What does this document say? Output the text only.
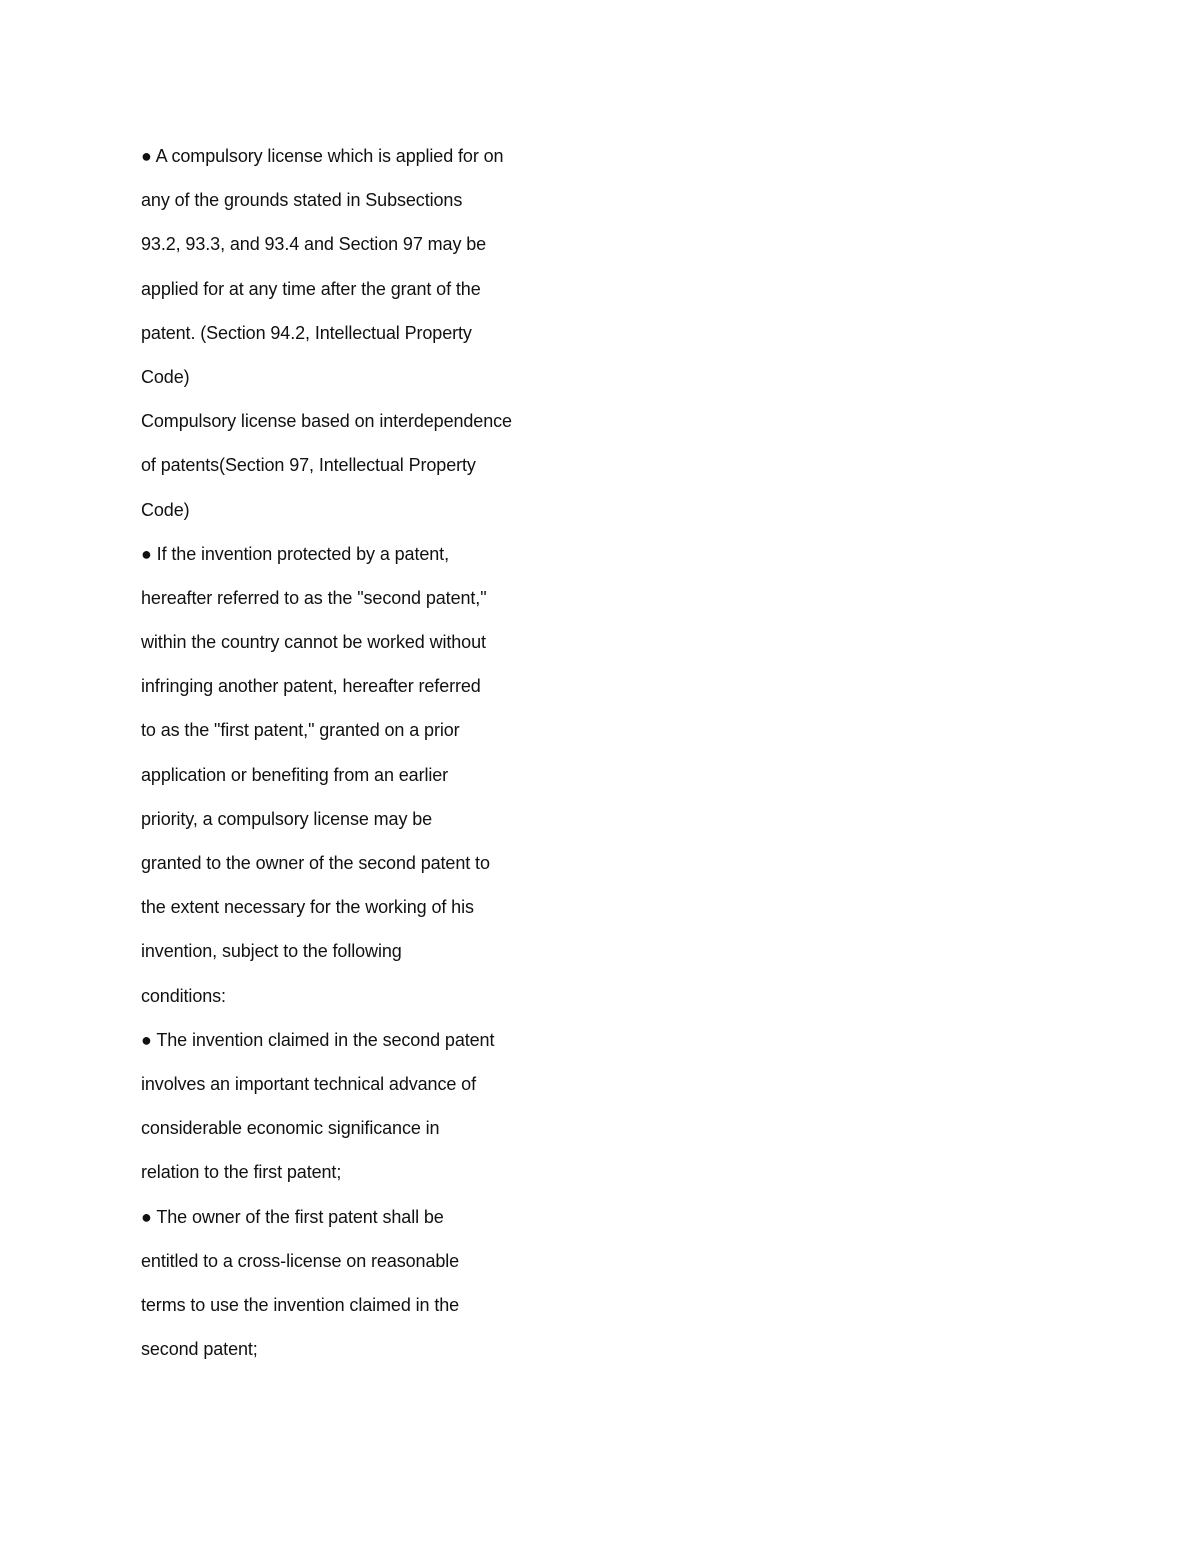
● A compulsory license which is applied for on
any of the grounds stated in Subsections
93.2, 93.3, and 93.4 and Section 97 may be
applied for at any time after the grant of the
patent. (Section 94.2, Intellectual Property
Code)
Compulsory license based on interdependence
of patents(Section 97, Intellectual Property
Code)
● If the invention protected by a patent,
hereafter referred to as the "second patent,"
within the country cannot be worked without
infringing another patent, hereafter referred
to as the "first patent," granted on a prior
application or benefiting from an earlier
priority, a compulsory license may be
granted to the owner of the second patent to
the extent necessary for the working of his
invention, subject to the following
conditions:
● The invention claimed in the second patent
involves an important technical advance of
considerable economic significance in
relation to the first patent;
● The owner of the first patent shall be
entitled to a cross-license on reasonable
terms to use the invention claimed in the
second patent;
